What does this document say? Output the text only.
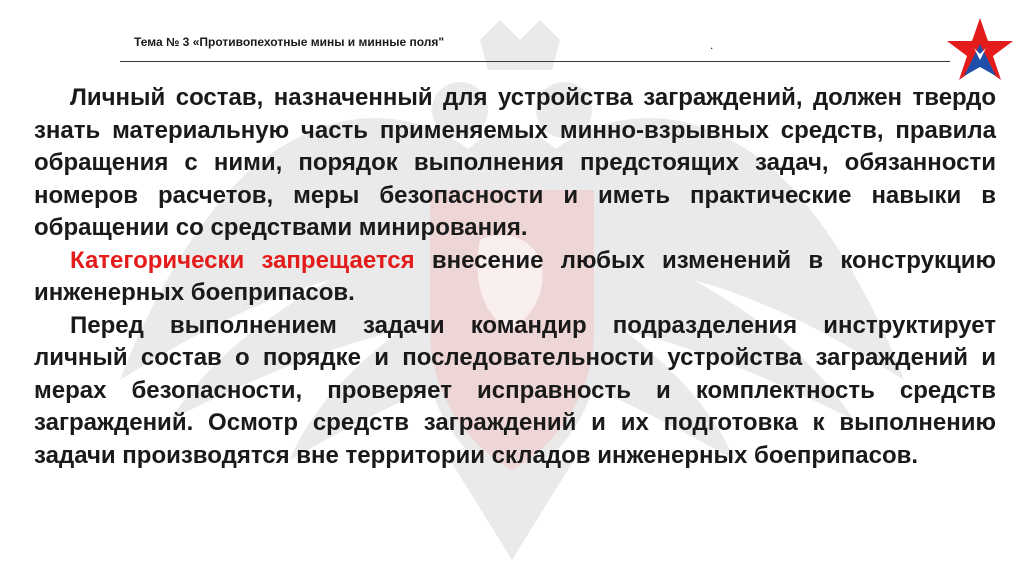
Тема № 3 «Противопехотные мины и минные поля"	.

Личный состав, назначенный для устройства заграждений, должен твердо знать материальную часть применяемых минно-взрывных средств, правила обращения с ними, порядок выполнения предстоящих задач, обязанности номеров расчетов, меры безопасности и иметь практические навыки в обращении со средствами минирования.

Категорически запрещается внесение любых изменений в конструкцию инженерных боеприпасов.

Перед выполнением задачи командир подразделения инструктирует личный состав о порядке и последовательности устройства заграждений и мерах безопасности, проверяет исправность и комплектность средств заграждений. Осмотр средств заграждений и их подготовка к выполнению задачи производятся вне территории складов инженерных боеприпасов.
